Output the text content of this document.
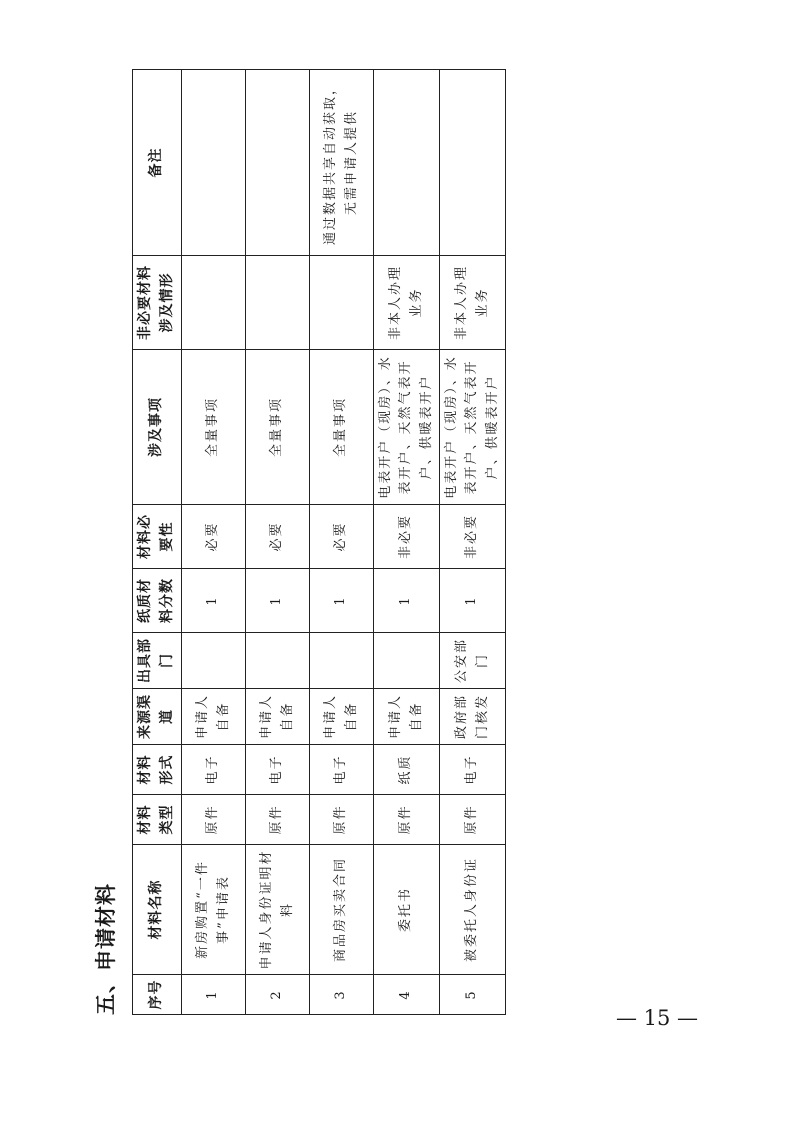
五、申请材料	序号	材料名称	材料类型	材料形式	来源渠道	出具部门	纸质材料分数	材料必要性	涉及事项	非必要材料涉及情形	备注
1	新房购置“一件事”申请表	原件	电子	申请人自备		1	必要	全量事项		
2	申请人身份证明材料	原件	电子	申请人自备		1	必要	全量事项		
3	商品房买卖合同	原件	电子	申请人自备		1	必要	全量事项		通过数据共享自动获取，无需申请人提供
4	委托书	原件	纸质	申请人自备		1	非必要	电表开户（现房）、水表开户、天然气表开户、供暖表开户	非本人办理业务	
5	被委托人身份证	原件	电子	政府部门核发	公安部门	1	非必要	电表开户（现房）、水表开户、天然气表开户、供暖表开户	非本人办理业务	
— 15 —
